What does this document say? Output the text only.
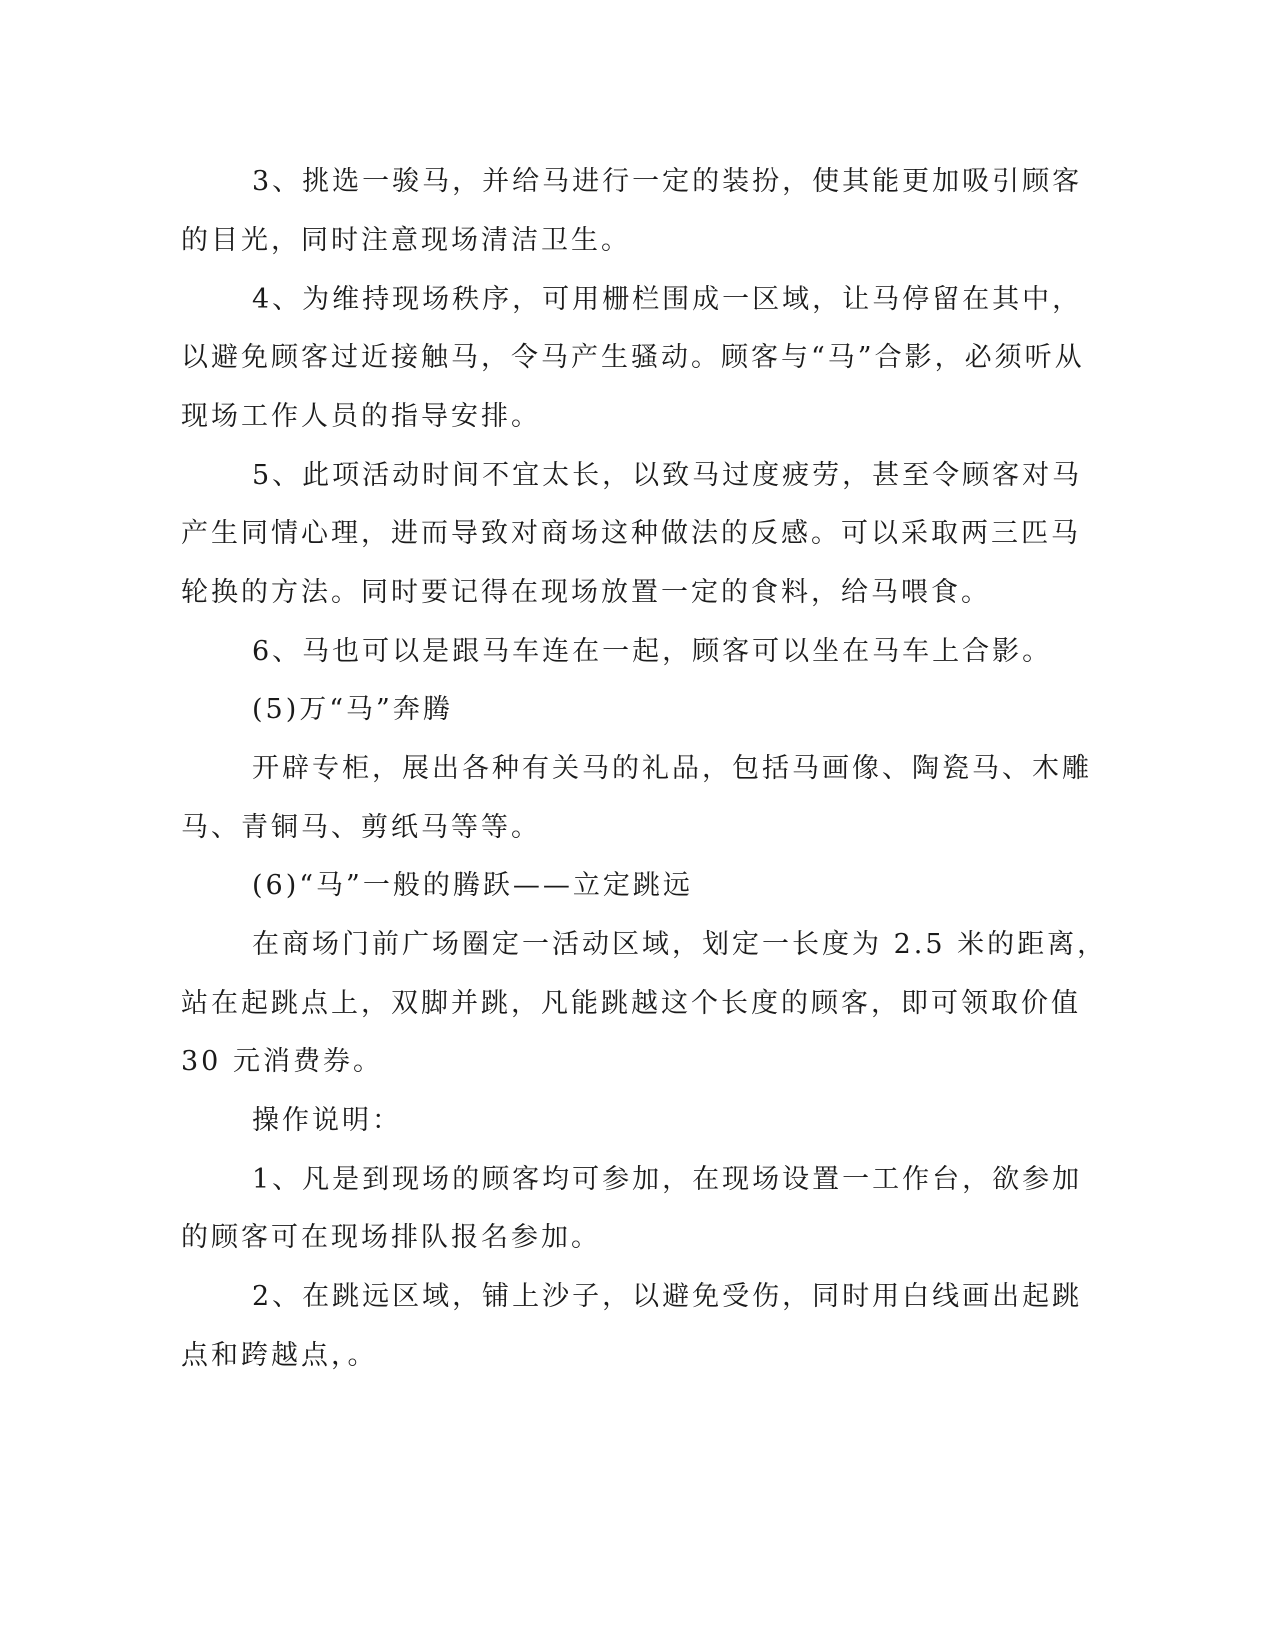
3、挑选一骏马，并给马进行一定的装扮，使其能更加吸引顾客
的目光，同时注意现场清洁卫生。
4、为维持现场秩序，可用栅栏围成一区域，让马停留在其中，
以避免顾客过近接触马，令马产生骚动。顾客与“马”合影，必须听从
现场工作人员的指导安排。
5、此项活动时间不宜太长，以致马过度疲劳，甚至令顾客对马
产生同情心理，进而导致对商场这种做法的反感。可以采取两三匹马
轮换的方法。同时要记得在现场放置一定的食料，给马喂食。
6、马也可以是跟马车连在一起，顾客可以坐在马车上合影。
(5)万“马”奔腾
开辟专柜，展出各种有关马的礼品，包括马画像、陶瓷马、木雕
马、青铜马、剪纸马等等。
(6)“马”一般的腾跃——立定跳远
在商场门前广场圈定一活动区域，划定一长度为 2.5 米的距离，
站在起跳点上，双脚并跳，凡能跳越这个长度的顾客，即可领取价值
30 元消费券。
操作说明：
1、凡是到现场的顾客均可参加，在现场设置一工作台，欲参加
的顾客可在现场排队报名参加。
2、在跳远区域，铺上沙子，以避免受伤，同时用白线画出起跳
点和跨越点，。
